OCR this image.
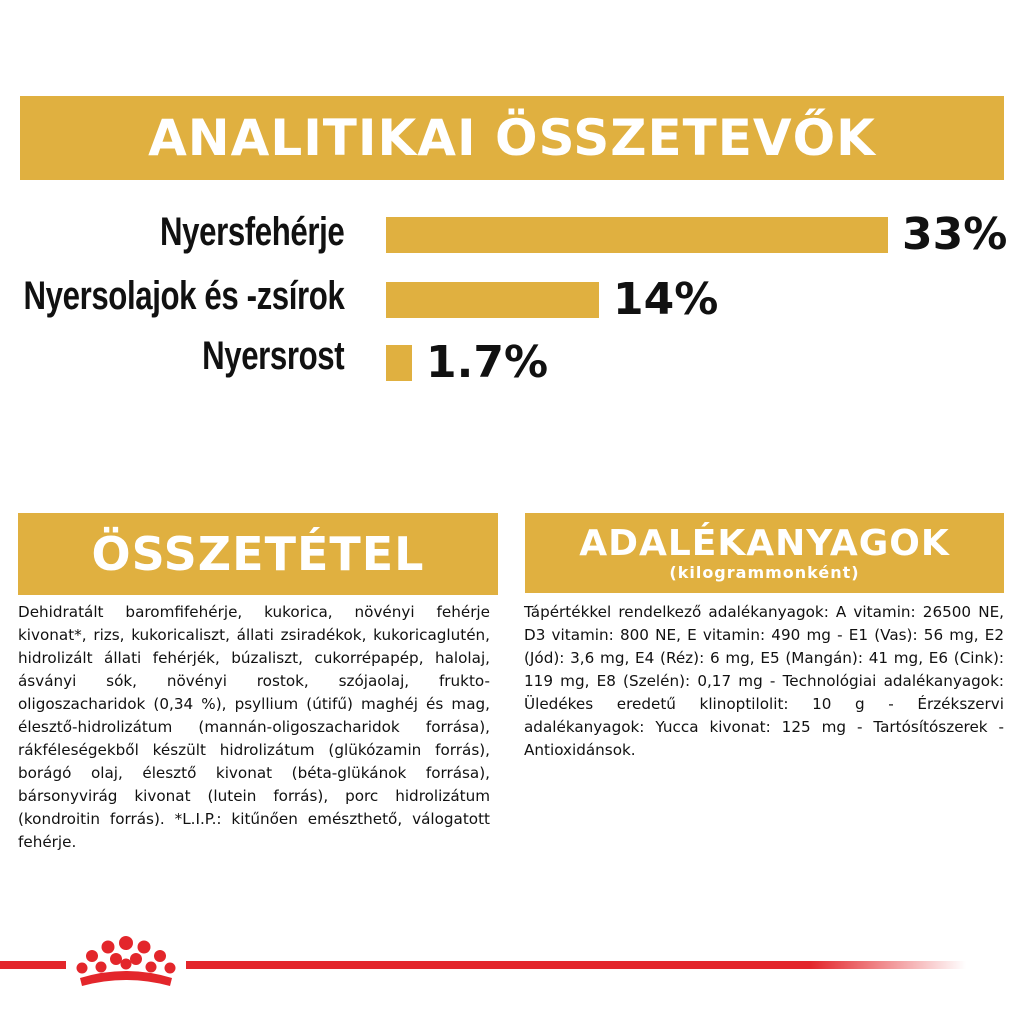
ANALITIKAI ÖSSZETEVŐK
Nyersfehérje	33%
Nyersolajok és -zsírok	14%
Nyersrost 1.7%
ÖSSZETÉTEL
Dehidratált baromfifehérje, kukorica, növényi fehérje kivonat*, rizs, kukoricaliszt, állati zsiradékok, kukoricaglutén, hidrolizált állati fehérjék, búzaliszt, cukorrépapép, halolaj, ásványi sók, növényi rostok, szójaolaj, frukto-oligoszacharidok (0,34 %), psyllium (útifű) maghéj és mag, élesztő-hidrolizátum (mannán-oligoszacharidok forrása), rákféleségekből készült hidrolizátum (glükózamin forrás), borágó olaj, élesztő kivonat (béta-glükánok forrása), bársonyvirág kivonat (lutein forrás), porc hidrolizátum (kondroitin forrás). *L.I.P.: kitűnően emészthető, válogatott fehérje.
ADALÉKANYAGOK
(kilogrammonként)
Tápértékkel rendelkező adalékanyagok: A vitamin: 26500 NE, D3 vitamin: 800 NE, E vitamin: 490 mg - E1 (Vas): 56 mg, E2 (Jód): 3,6 mg, E4 (Réz): 6 mg, E5 (Mangán): 41 mg, E6 (Cink): 119 mg, E8 (Szelén): 0,17 mg - Technológiai adalékanyagok: Üledékes eredetű klinoptilolit: 10 g - Érzékszervi adalékanyagok: Yucca kivonat: 125 mg - Tartósítószerek - Antioxidánsok.
